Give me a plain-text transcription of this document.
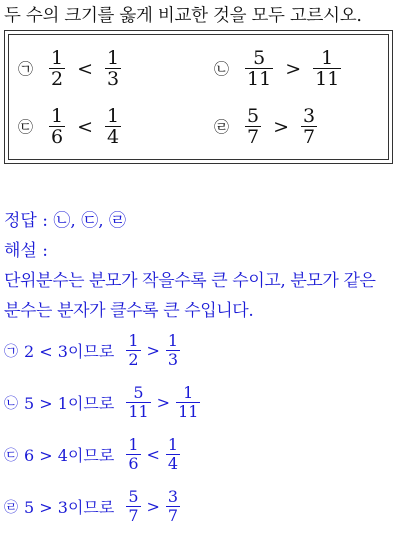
두 수의 크기를 옳게 비교한 것을 모두 고르시오.
㉠ $\frac{1}{2} < \frac{1}{3}$	㉡ $\frac{5}{11} > \frac{1}{11}$
㉢ $\frac{1}{6} < \frac{1}{4}$	㉣ $\frac{5}{7} > \frac{3}{7}$
정답 : ㉡, ㉢, ㉣
해설 :
단위분수는 분모가 작을수록 큰 수이고, 분모가 같은
분수는 분자가 클수록 큰 수입니다.
㉠ 2 < 3이므로 $\frac{1}{2} > \frac{1}{3}$
㉡ 5 > 1이므로 $\frac{5}{11} > \frac{1}{11}$
㉢ 6 > 4이므로 $\frac{1}{6} < \frac{1}{4}$
㉣ 5 > 3이므로 $\frac{5}{7} > \frac{3}{7}$
